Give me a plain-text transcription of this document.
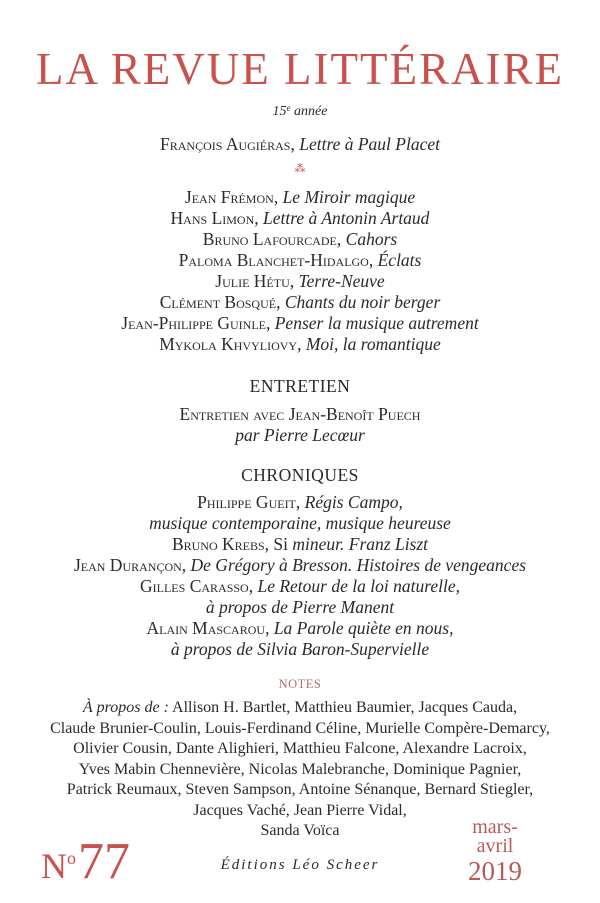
LA REVUE LITTÉRAIRE
15e année
François Augiéras, Lettre à Paul Placet
⁂
Jean Frémon, Le Miroir magique
Hans Limon, Lettre à Antonin Artaud
Bruno Lafourcade, Cahors
Paloma Blanchet-Hidalgo, Éclats
Julie Hétu, Terre-Neuve
Clément Bosqué, Chants du noir berger
Jean-Philippe Guinle, Penser la musique autrement
Mykola Khvyliovy, Moi, la romantique
ENTRETIEN
Entretien avec Jean-Benoît Puech
par Pierre Lecœur
CHRONIQUES
Philippe Gueit, Régis Campo,
musique contemporaine, musique heureuse
Bruno Krebs, Si mineur. Franz Liszt
Jean Durançon, De Grégory à Bresson. Histoires de vengeances
Gilles Carasso, Le Retour de la loi naturelle,
à propos de Pierre Manent
Alain Mascarou, La Parole quiète en nous,
à propos de Silvia Baron-Supervielle
NOTES
À propos de : Allison H. Bartlet, Matthieu Baumier, Jacques Cauda,
Claude Brunier-Coulin, Louis-Ferdinand Céline, Murielle Compère-Demarcy,
Olivier Cousin, Dante Alighieri, Matthieu Falcone, Alexandre Lacroix,
Yves Mabin Chennevière, Nicolas Malebranche, Dominique Pagnier,
Patrick Reumaux, Steven Sampson, Antoine Sénanque, Bernard Stiegler,
Jacques Vaché, Jean Pierre Vidal,
Sanda Voïca
$N^o77$	Éditions Léo Scheer
mars-
avril
2019
